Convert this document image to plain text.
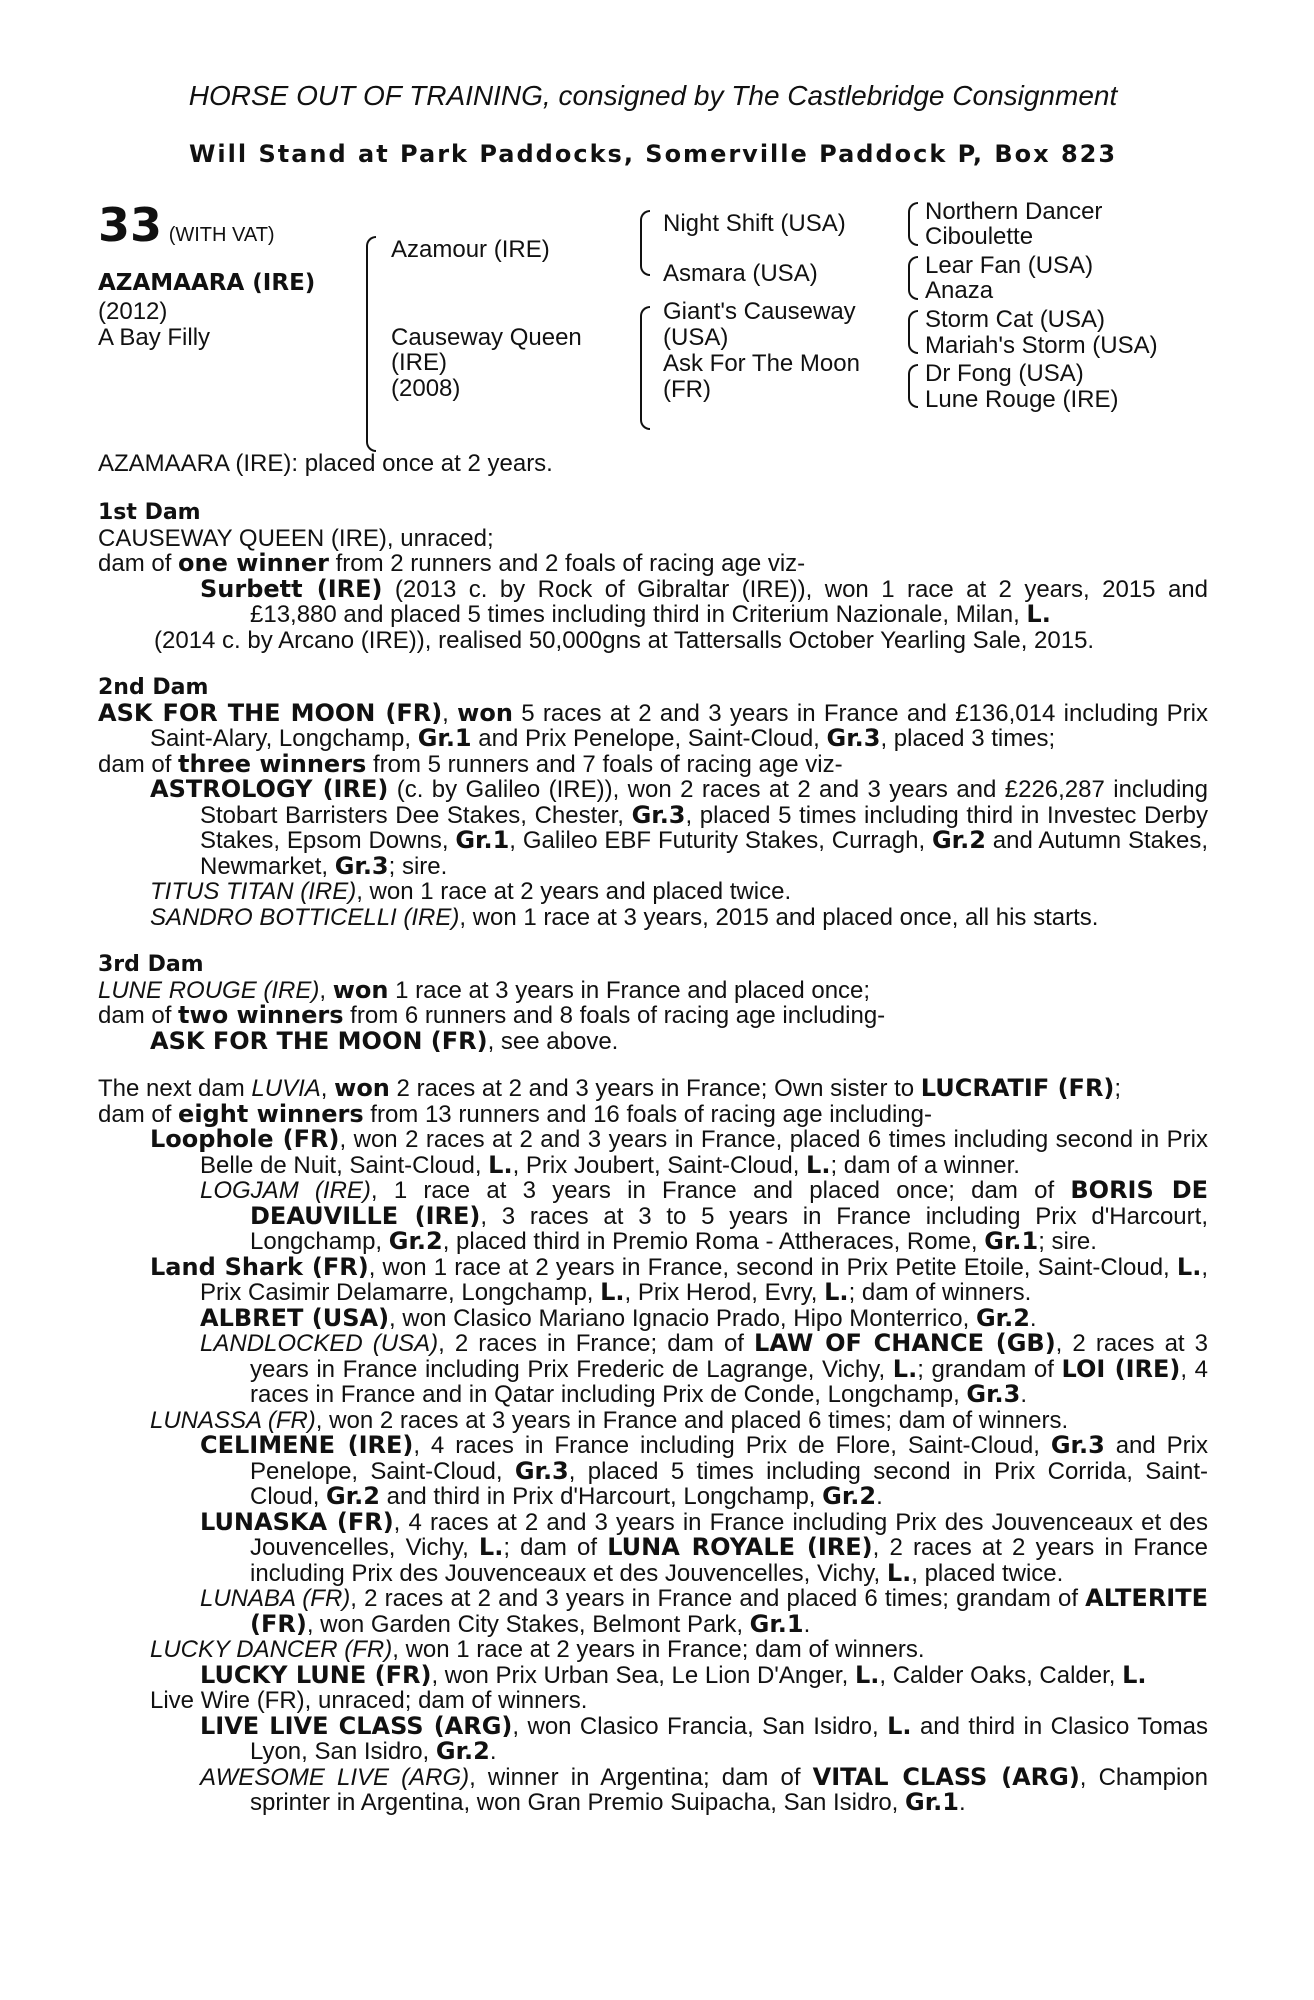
HORSE OUT OF TRAINING, consigned by The Castlebridge Consignment
Will Stand at Park Paddocks, Somerville Paddock P, Box 823
33 (WITH VAT)
AZAMAARA (IRE)
(2012)
A Bay Filly
Azamour (IRE)
Causeway Queen
(IRE)
(2008)
Night Shift (USA)
Asmara (USA)
Giant's Causeway
(USA)
Ask For The Moon
(FR)
Northern Dancer
Ciboulette
Lear Fan (USA)
Anaza
Storm Cat (USA)
Mariah's Storm (USA)
Dr Fong (USA)
Lune Rouge (IRE)
AZAMAARA (IRE): placed once at 2 years.
1st Dam

CAUSEWAY QUEEN (IRE), unraced;

dam of one winner from 2 runners and 2 foals of racing age viz-

Surbett (IRE) (2013 c. by Rock of Gibraltar (IRE)), won 1 race at 2 years, 2015 and £13,880 and placed 5 times including third in Criterium Nazionale, Milan, L.

(2014 c. by Arcano (IRE)), realised 50,000gns at Tattersalls October Yearling Sale, 2015.

2nd Dam

ASK FOR THE MOON (FR), won 5 races at 2 and 3 years in France and £136,014 including Prix Saint-Alary, Longchamp, Gr.1 and Prix Penelope, Saint-Cloud, Gr.3, placed 3 times;

dam of three winners from 5 runners and 7 foals of racing age viz-

ASTROLOGY (IRE) (c. by Galileo (IRE)), won 2 races at 2 and 3 years and £226,287 including Stobart Barristers Dee Stakes, Chester, Gr.3, placed 5 times including third in Investec Derby Stakes, Epsom Downs, Gr.1, Galileo EBF Futurity Stakes, Curragh, Gr.2 and Autumn Stakes, Newmarket, Gr.3; sire.

TITUS TITAN (IRE), won 1 race at 2 years and placed twice.

SANDRO BOTTICELLI (IRE), won 1 race at 3 years, 2015 and placed once, all his starts.

3rd Dam

LUNE ROUGE (IRE), won 1 race at 3 years in France and placed once;

dam of two winners from 6 runners and 8 foals of racing age including-

ASK FOR THE MOON (FR), see above.

The next dam LUVIA, won 2 races at 2 and 3 years in France; Own sister to LUCRATIF (FR);

dam of eight winners from 13 runners and 16 foals of racing age including-

Loophole (FR), won 2 races at 2 and 3 years in France, placed 6 times including second in Prix Belle de Nuit, Saint-Cloud, L., Prix Joubert, Saint-Cloud, L.; dam of a winner.

LOGJAM (IRE), 1 race at 3 years in France and placed once; dam of BORIS DE DEAUVILLE (IRE), 3 races at 3 to 5 years in France including Prix d'Harcourt, Longchamp, Gr.2, placed third in Premio Roma - Attheraces, Rome, Gr.1; sire.

Land Shark (FR), won 1 race at 2 years in France, second in Prix Petite Etoile, Saint-Cloud, L., Prix Casimir Delamarre, Longchamp, L., Prix Herod, Evry, L.; dam of winners.

ALBRET (USA), won Clasico Mariano Ignacio Prado, Hipo Monterrico, Gr.2.

LANDLOCKED (USA), 2 races in France; dam of LAW OF CHANCE (GB), 2 races at 3 years in France including Prix Frederic de Lagrange, Vichy, L.; grandam of LOI (IRE), 4 races in France and in Qatar including Prix de Conde, Longchamp, Gr.3.

LUNASSA (FR), won 2 races at 3 years in France and placed 6 times; dam of winners.

CELIMENE (IRE), 4 races in France including Prix de Flore, Saint-Cloud, Gr.3 and Prix Penelope, Saint-Cloud, Gr.3, placed 5 times including second in Prix Corrida, Saint-Cloud, Gr.2 and third in Prix d'Harcourt, Longchamp, Gr.2.

LUNASKA (FR), 4 races at 2 and 3 years in France including Prix des Jouvenceaux et des Jouvencelles, Vichy, L.; dam of LUNA ROYALE (IRE), 2 races at 2 years in France including Prix des Jouvenceaux et des Jouvencelles, Vichy, L., placed twice.

LUNABA (FR), 2 races at 2 and 3 years in France and placed 6 times; grandam of ALTERITE (FR), won Garden City Stakes, Belmont Park, Gr.1.

LUCKY DANCER (FR), won 1 race at 2 years in France; dam of winners.

LUCKY LUNE (FR), won Prix Urban Sea, Le Lion D'Anger, L., Calder Oaks, Calder, L.

Live Wire (FR), unraced; dam of winners.

LIVE LIVE CLASS (ARG), won Clasico Francia, San Isidro, L. and third in Clasico Tomas Lyon, San Isidro, Gr.2.

AWESOME LIVE (ARG), winner in Argentina; dam of VITAL CLASS (ARG), Champion sprinter in Argentina, won Gran Premio Suipacha, San Isidro, Gr.1.
